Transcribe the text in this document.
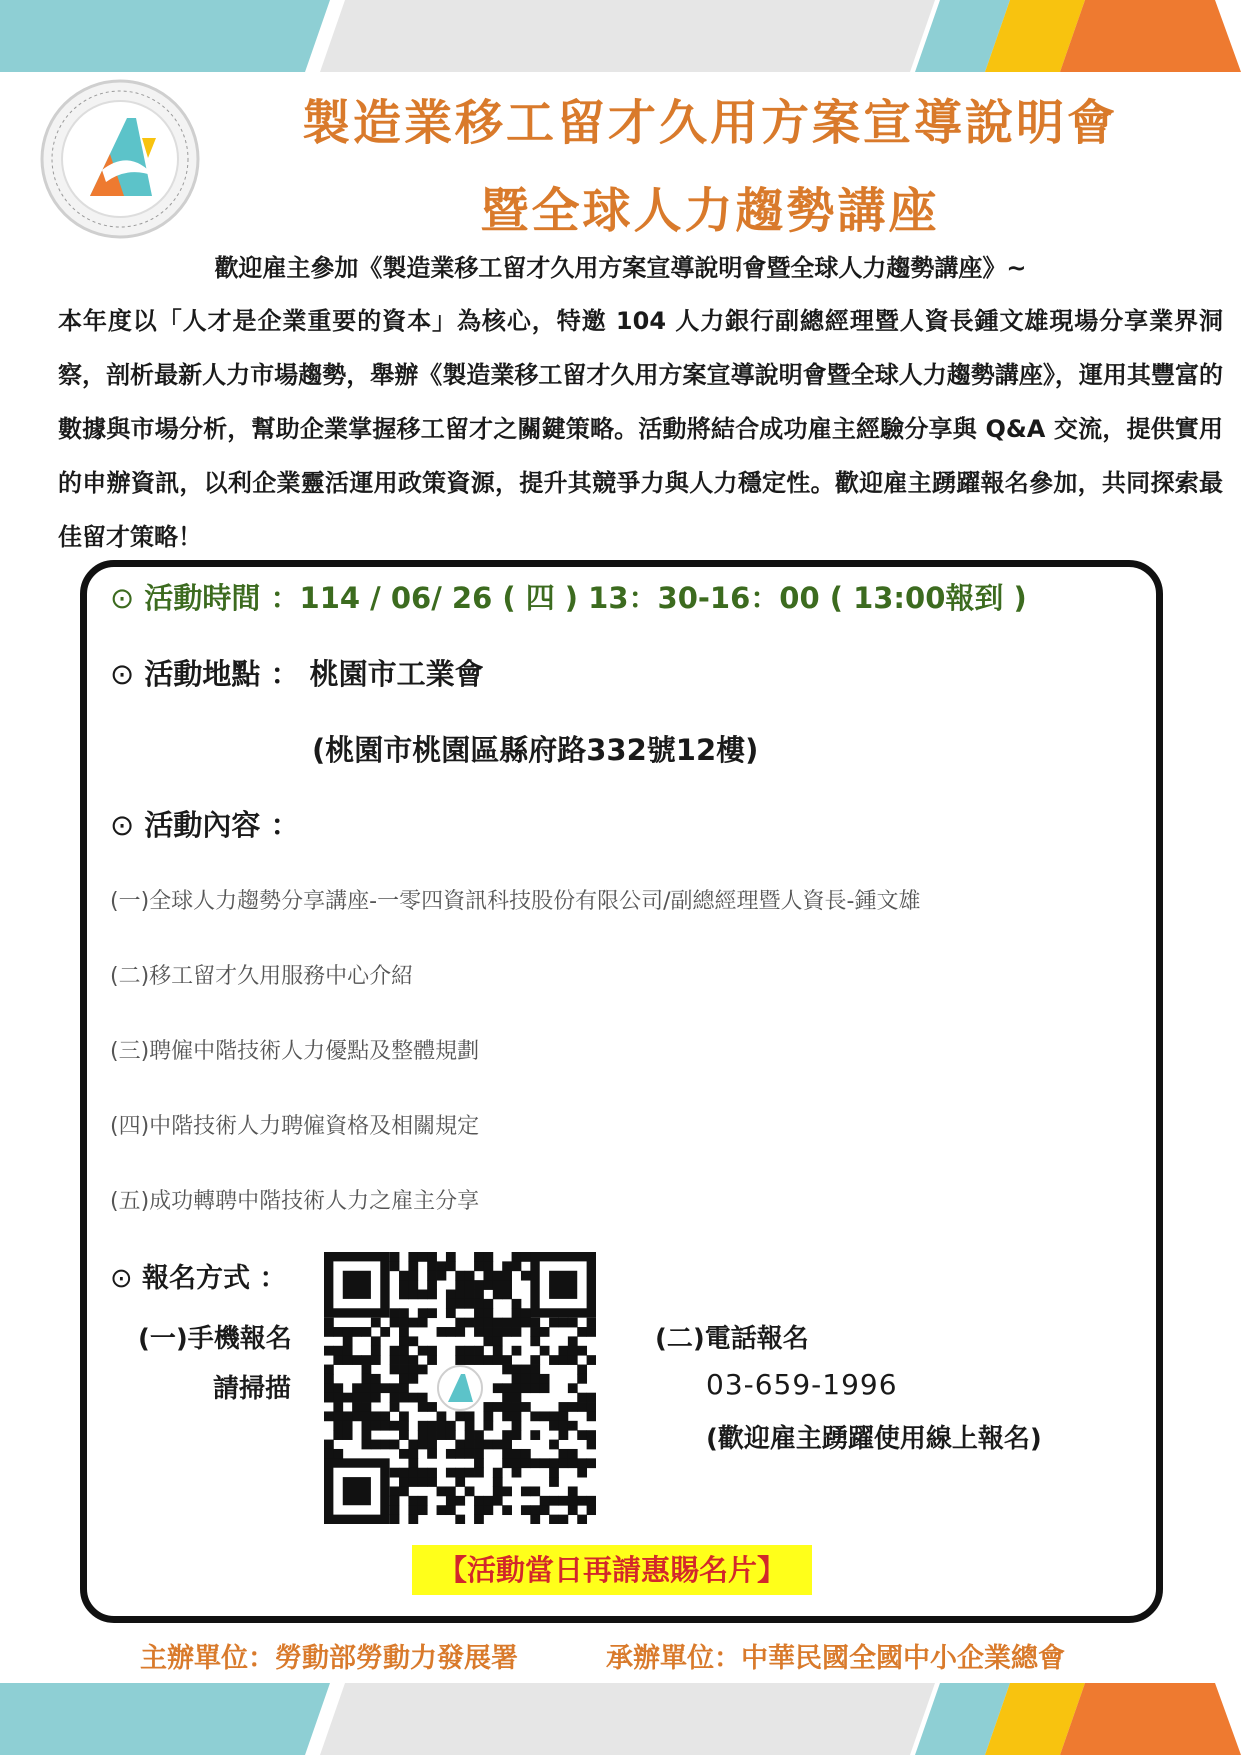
製造業移工留才久用方案宣導說明會
暨全球人力趨勢講座
歡迎雇主參加《製造業移工留才久用方案宣導說明會暨全球人力趨勢講座》~
本年度以「人才是企業重要的資本」為核心，特邀 104 人力銀行副總經理暨人資長鍾文雄現場分享業界洞察，剖析最新人力市場趨勢，舉辦《製造業移工留才久用方案宣導說明會暨全球人力趨勢講座》，運用其豐富的數據與市場分析，幫助企業掌握移工留才之關鍵策略。活動將結合成功雇主經驗分享與 Q&A 交流，提供實用的申辦資訊，以利企業靈活運用政策資源，提升其競爭力與人力穩定性。歡迎雇主踴躍報名參加，共同探索最佳留才策略！
⊙ 活動時間 ：114 / 06/ 26 ( 四 ) 13：30-16：00 ( 13:00報到 )
⊙ 活動地點 ： 桃園市工業會
(桃園市桃園區縣府路332號12樓)
⊙ 活動內容 ：
(一)全球人力趨勢分享講座-一零四資訊科技股份有限公司/副總經理暨人資長-鍾文雄
(二)移工留才久用服務中心介紹
(三)聘僱中階技術人力優點及整體規劃
(四)中階技術人力聘僱資格及相關規定
(五)成功轉聘中階技術人力之雇主分享
⊙ 報名方式 ：
(一)手機報名
請掃描
(二)電話報名
03-659-1996
(歡迎雇主踴躍使用線上報名)
【活動當日再請惠賜名片】
主辦單位：勞動部勞動力發展署	承辦單位：中華民國全國中小企業總會
